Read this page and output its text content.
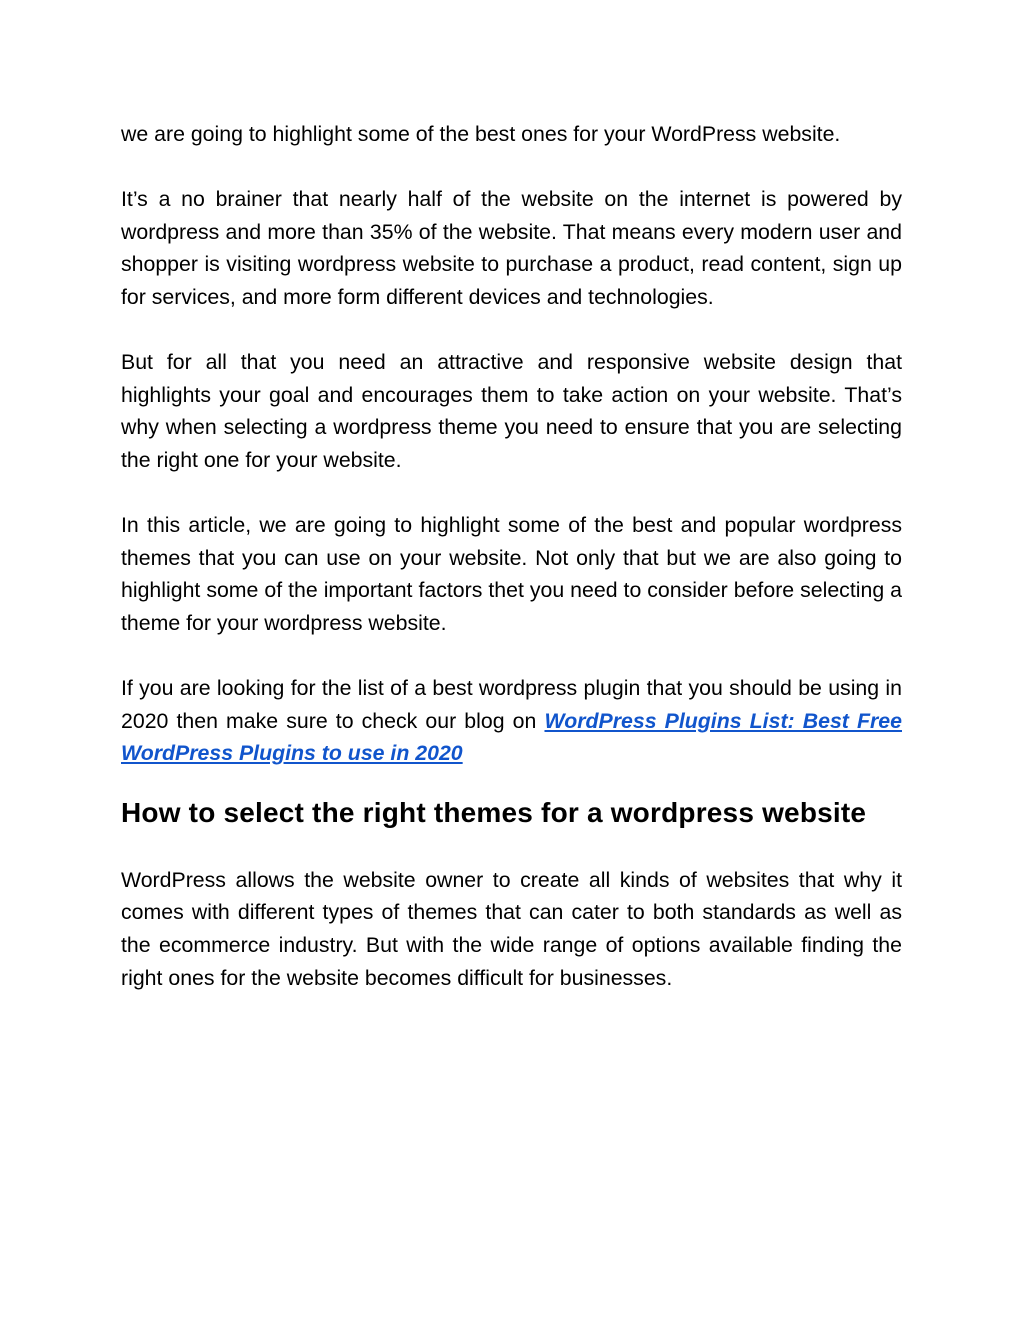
we are going to highlight some of the best ones for your WordPress website.

It’s a no brainer that nearly half of the website on the internet is powered by wordpress and more than 35% of the website. That means every modern user and shopper is visiting wordpress website to purchase a product, read content, sign up for services, and more form different devices and technologies.

But for all that you need an attractive and responsive website design that highlights your goal and encourages them to take action on your website. That’s why when selecting a wordpress theme you need to ensure that you are selecting the right one for your website.

In this article, we are going to highlight some of the best and popular wordpress themes that you can use on your website. Not only that but we are also going to highlight some of the important factors thet you need to consider before selecting a theme for your wordpress website.

If you are looking for the list of a best wordpress plugin that you should be using in 2020 then make sure to check our blog on WordPress Plugins List: Best Free WordPress Plugins to use in 2020

How to select the right themes for a wordpress website

WordPress allows the website owner to create all kinds of websites that why it comes with different types of themes that can cater to both standards as well as the ecommerce industry. But with the wide range of options available finding the right ones for the website becomes difficult for businesses.
